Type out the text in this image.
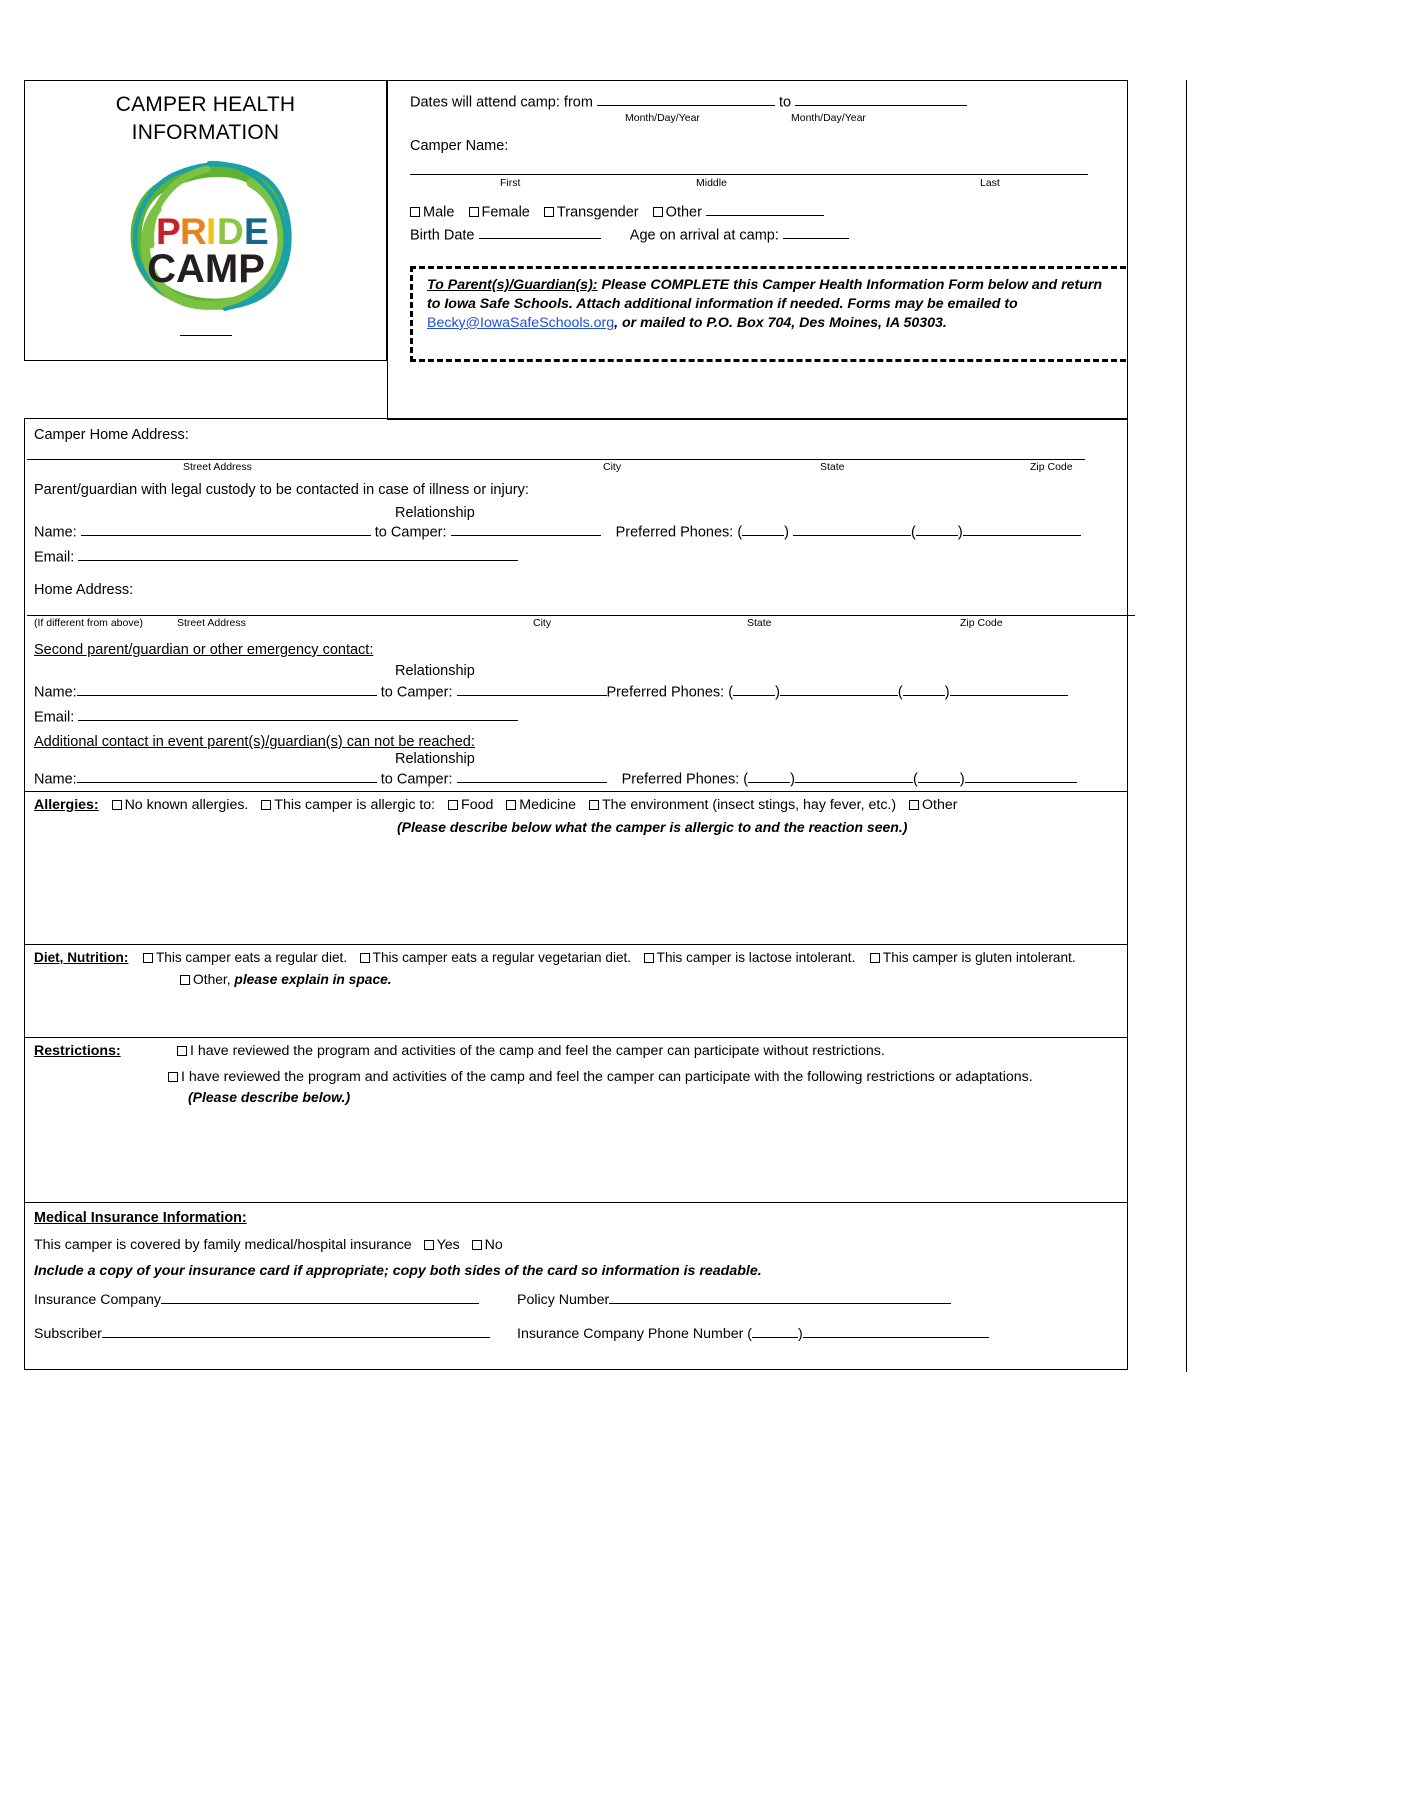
CAMPER HEALTH
INFORMATION
P R I D E
CAMP
Dates will attend camp: from	to
Month/Day/Year	Month/Day/Year
Camper Name:
First	Middle	Last
Male Female Transgender Other
Birth Date	Age on arrival at camp:
To Parent(s)/Guardian(s): Please COMPLETE this Camper Health Information Form below and return to Iowa Safe Schools. Attach additional information if needed. Forms may be emailed to Becky@IowaSafeSchools.org, or mailed to P.O. Box 704, Des Moines, IA 50303.
Camper Home Address:
Street Address	City	State	Zip Code
Parent/guardian with legal custody to be contacted in case of illness or injury:
Relationship
Name:	to Camper:	Preferred Phones: (	)	(	)
Email:
Home Address:
(If different from above)	Street Address	City	State	Zip Code
Second parent/guardian or other emergency contact:
Relationship
Name:	to Camper:	Preferred Phones: (	)	(	)
Email:
Additional contact in event parent(s)/guardian(s) can not be reached:
Relationship
Name:	to Camper:	Preferred Phones: (	)	(	)
Allergies: No known allergies. This camper is allergic to: Food Medicine The environment (insect stings, hay fever, etc.) Other
(Please describe below what the camper is allergic to and the reaction seen.)
Diet, Nutrition: This camper eats a regular diet. This camper eats a regular vegetarian diet. This camper is lactose intolerant. This camper is gluten intolerant.
Other, please explain in space.
Restrictions:	I have reviewed the program and activities of the camp and feel the camper can participate without restrictions.
I have reviewed the program and activities of the camp and feel the camper can participate with the following restrictions or adaptations.
(Please describe below.)
Medical Insurance Information:
This camper is covered by family medical/hospital insurance Yes No
Include a copy of your insurance card if appropriate; copy both sides of the card so information is readable.
Insurance Company	Policy Number
Subscriber	Insurance Company Phone Number (	)
